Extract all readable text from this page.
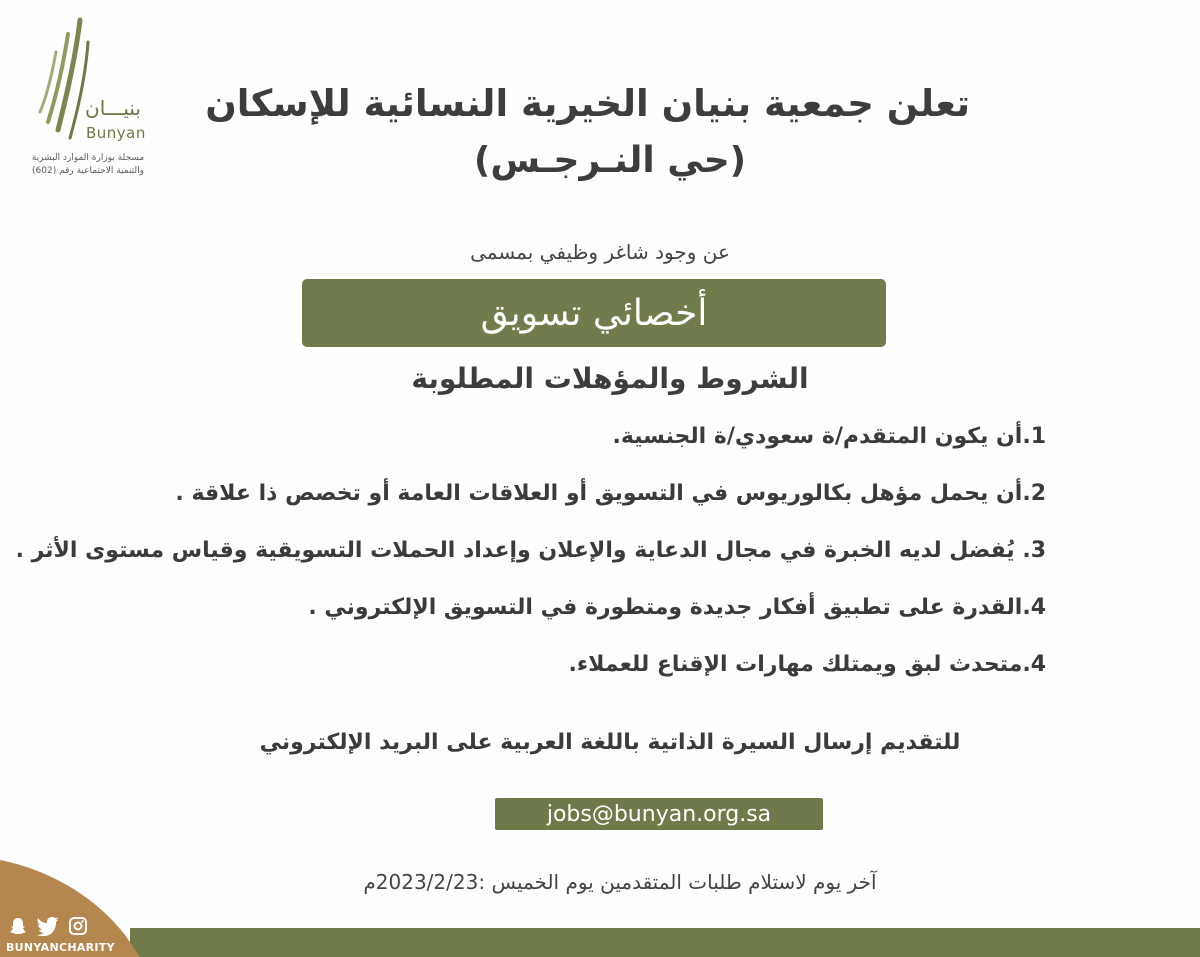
بنيـــان
Bunyan
مسجلة بوزارة الموارد البشرية
والتنمية الاجتماعية رقم (602)
تعلن جمعية بنيان الخيرية النسائية للإسكان
(حي النـرجـس)
عن وجود شاغر وظيفي بمسمى
أخصائي تسويق
الشروط والمؤهلات المطلوبة
1.أن يكون المتقدم/ة سعودي/ة الجنسية.
2.أن يحمل مؤهل بكالوريوس في التسويق أو العلاقات العامة أو تخصص ذا علاقة .
3. يُفضل لديه الخبرة في مجال الدعاية والإعلان وإعداد الحملات التسويقية وقياس مستوى الأثر .
4.القدرة على تطبيق أفكار جديدة ومتطورة في التسويق الإلكتروني .
4.متحدث لبق ويمتلك مهارات الإقناع للعملاء.
للتقديم إرسال السيرة الذاتية باللغة العربية على البريد الإلكتروني
jobs@bunyan.org.sa
آخر يوم لاستلام طلبات المتقدمين يوم الخميس :2023/2/23م
BUNYANCHARITY
